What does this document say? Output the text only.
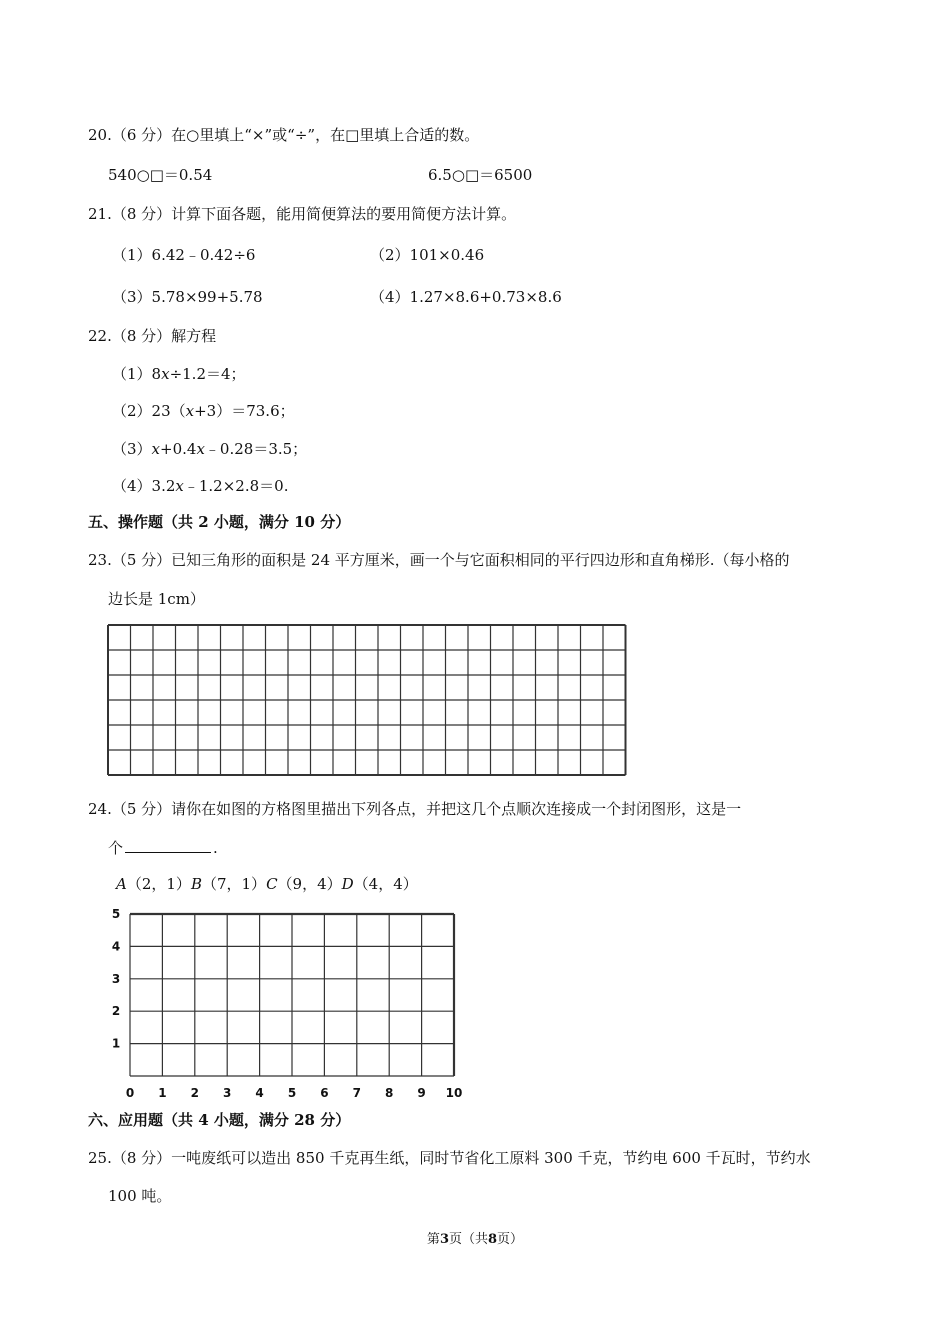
20.（6 分）在○里填上“×”或“÷”，在□里填上合适的数。
540○□＝0.54	6.5○□＝6500
21.（8 分）计算下面各题，能用简便算法的要用简便方法计算。
（1）6.42﹣0.42÷6	（2）101×0.46
（3）5.78×99+5.78	（4）1.27×8.6+0.73×8.6
22.（8 分）解方程
（1）8x÷1.2＝4；
（2）23（x+3）＝73.6；
（3）x+0.4x﹣0.28＝3.5；
（4）3.2x﹣1.2×2.8＝0.
五、操作题（共 2 小题，满分 10 分）
23.（5 分）已知三角形的面积是 24 平方厘米，画一个与它面积相同的平行四边形和直角梯形.（每小格的
边长是 1cm）
24.（5 分）请你在如图的方格图里描出下列各点，并把这几个点顺次连接成一个封闭图形，这是一
个	.
A（2，1）B（7，1）C（9，4）D（4，4）
0 1 2 3 4 5 6 7 8 9 10
5
4
3
2
1
六、应用题（共 4 小题，满分 28 分）
25.（8 分）一吨废纸可以造出 850 千克再生纸，同时节省化工原料 300 千克，节约电 600 千瓦时，节约水
100 吨。
第3页（共8页）
